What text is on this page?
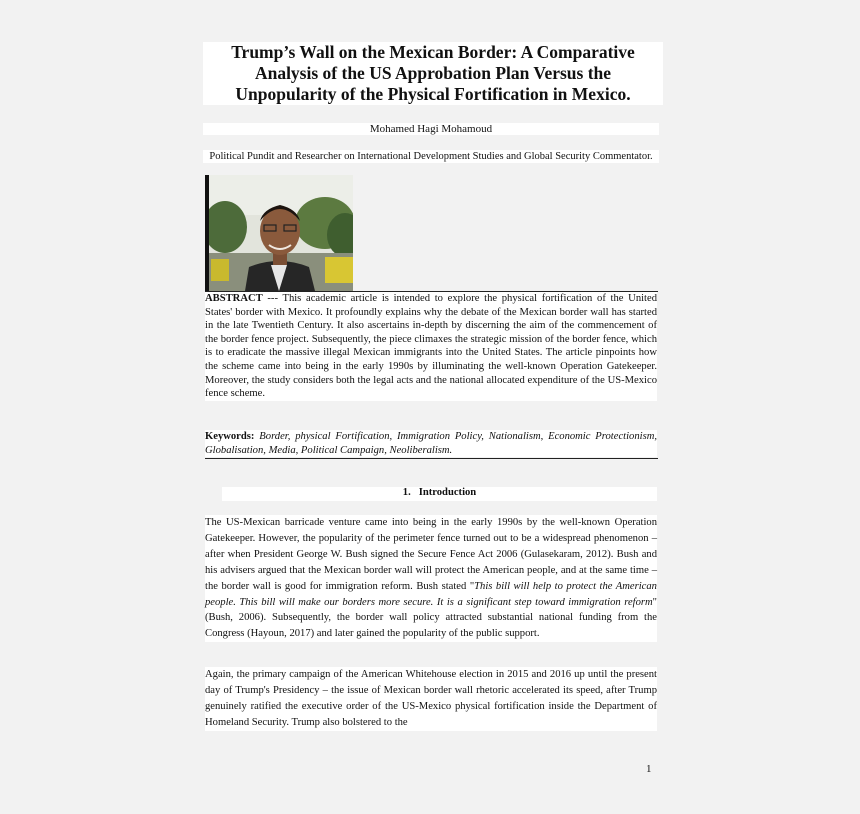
Trump’s Wall on the Mexican Border: A Comparative Analysis of the US Approbation Plan Versus the Unpopularity of the Physical Fortification in Mexico.
Mohamed Hagi Mohamoud
Political Pundit and Researcher on International Development Studies and Global Security Commentator.
ABSTRACT --- This academic article is intended to explore the physical fortification of the United States' border with Mexico. It profoundly explains why the debate of the Mexican border wall has started in the late Twentieth Century. It also ascertains in-depth by discerning the aim of the commencement of the border fence project. Subsequently, the piece climaxes the strategic mission of the border fence, which is to eradicate the massive illegal Mexican immigrants into the United States. The article pinpoints how the scheme came into being in the early 1990s by illuminating the well-known Operation Gatekeeper. Moreover, the study considers both the legal acts and the national allocated expenditure of the US-Mexico fence scheme.
Keywords: Border, physical Fortification, Immigration Policy, Nationalism, Economic Protectionism, Globalisation, Media, Political Campaign, Neoliberalism.
1. Introduction
The US-Mexican barricade venture came into being in the early 1990s by the well-known Operation Gatekeeper. However, the popularity of the perimeter fence turned out to be a widespread phenomenon – after when President George W. Bush signed the Secure Fence Act 2006 (Gulasekaram, 2012). Bush and his advisers argued that the Mexican border wall will protect the American people, and at the same time – the border wall is good for immigration reform. Bush stated "This bill will help to protect the American people. This bill will make our borders more secure. It is a significant step toward immigration reform" (Bush, 2006). Subsequently, the border wall policy attracted substantial national funding from the Congress (Hayoun, 2017) and later gained the popularity of the public support.
Again, the primary campaign of the American Whitehouse election in 2015 and 2016 up until the present day of Trump's Presidency – the issue of Mexican border wall rhetoric accelerated its speed, after Trump genuinely ratified the executive order of the US-Mexico physical fortification inside the Department of Homeland Security. Trump also bolstered to the
1
